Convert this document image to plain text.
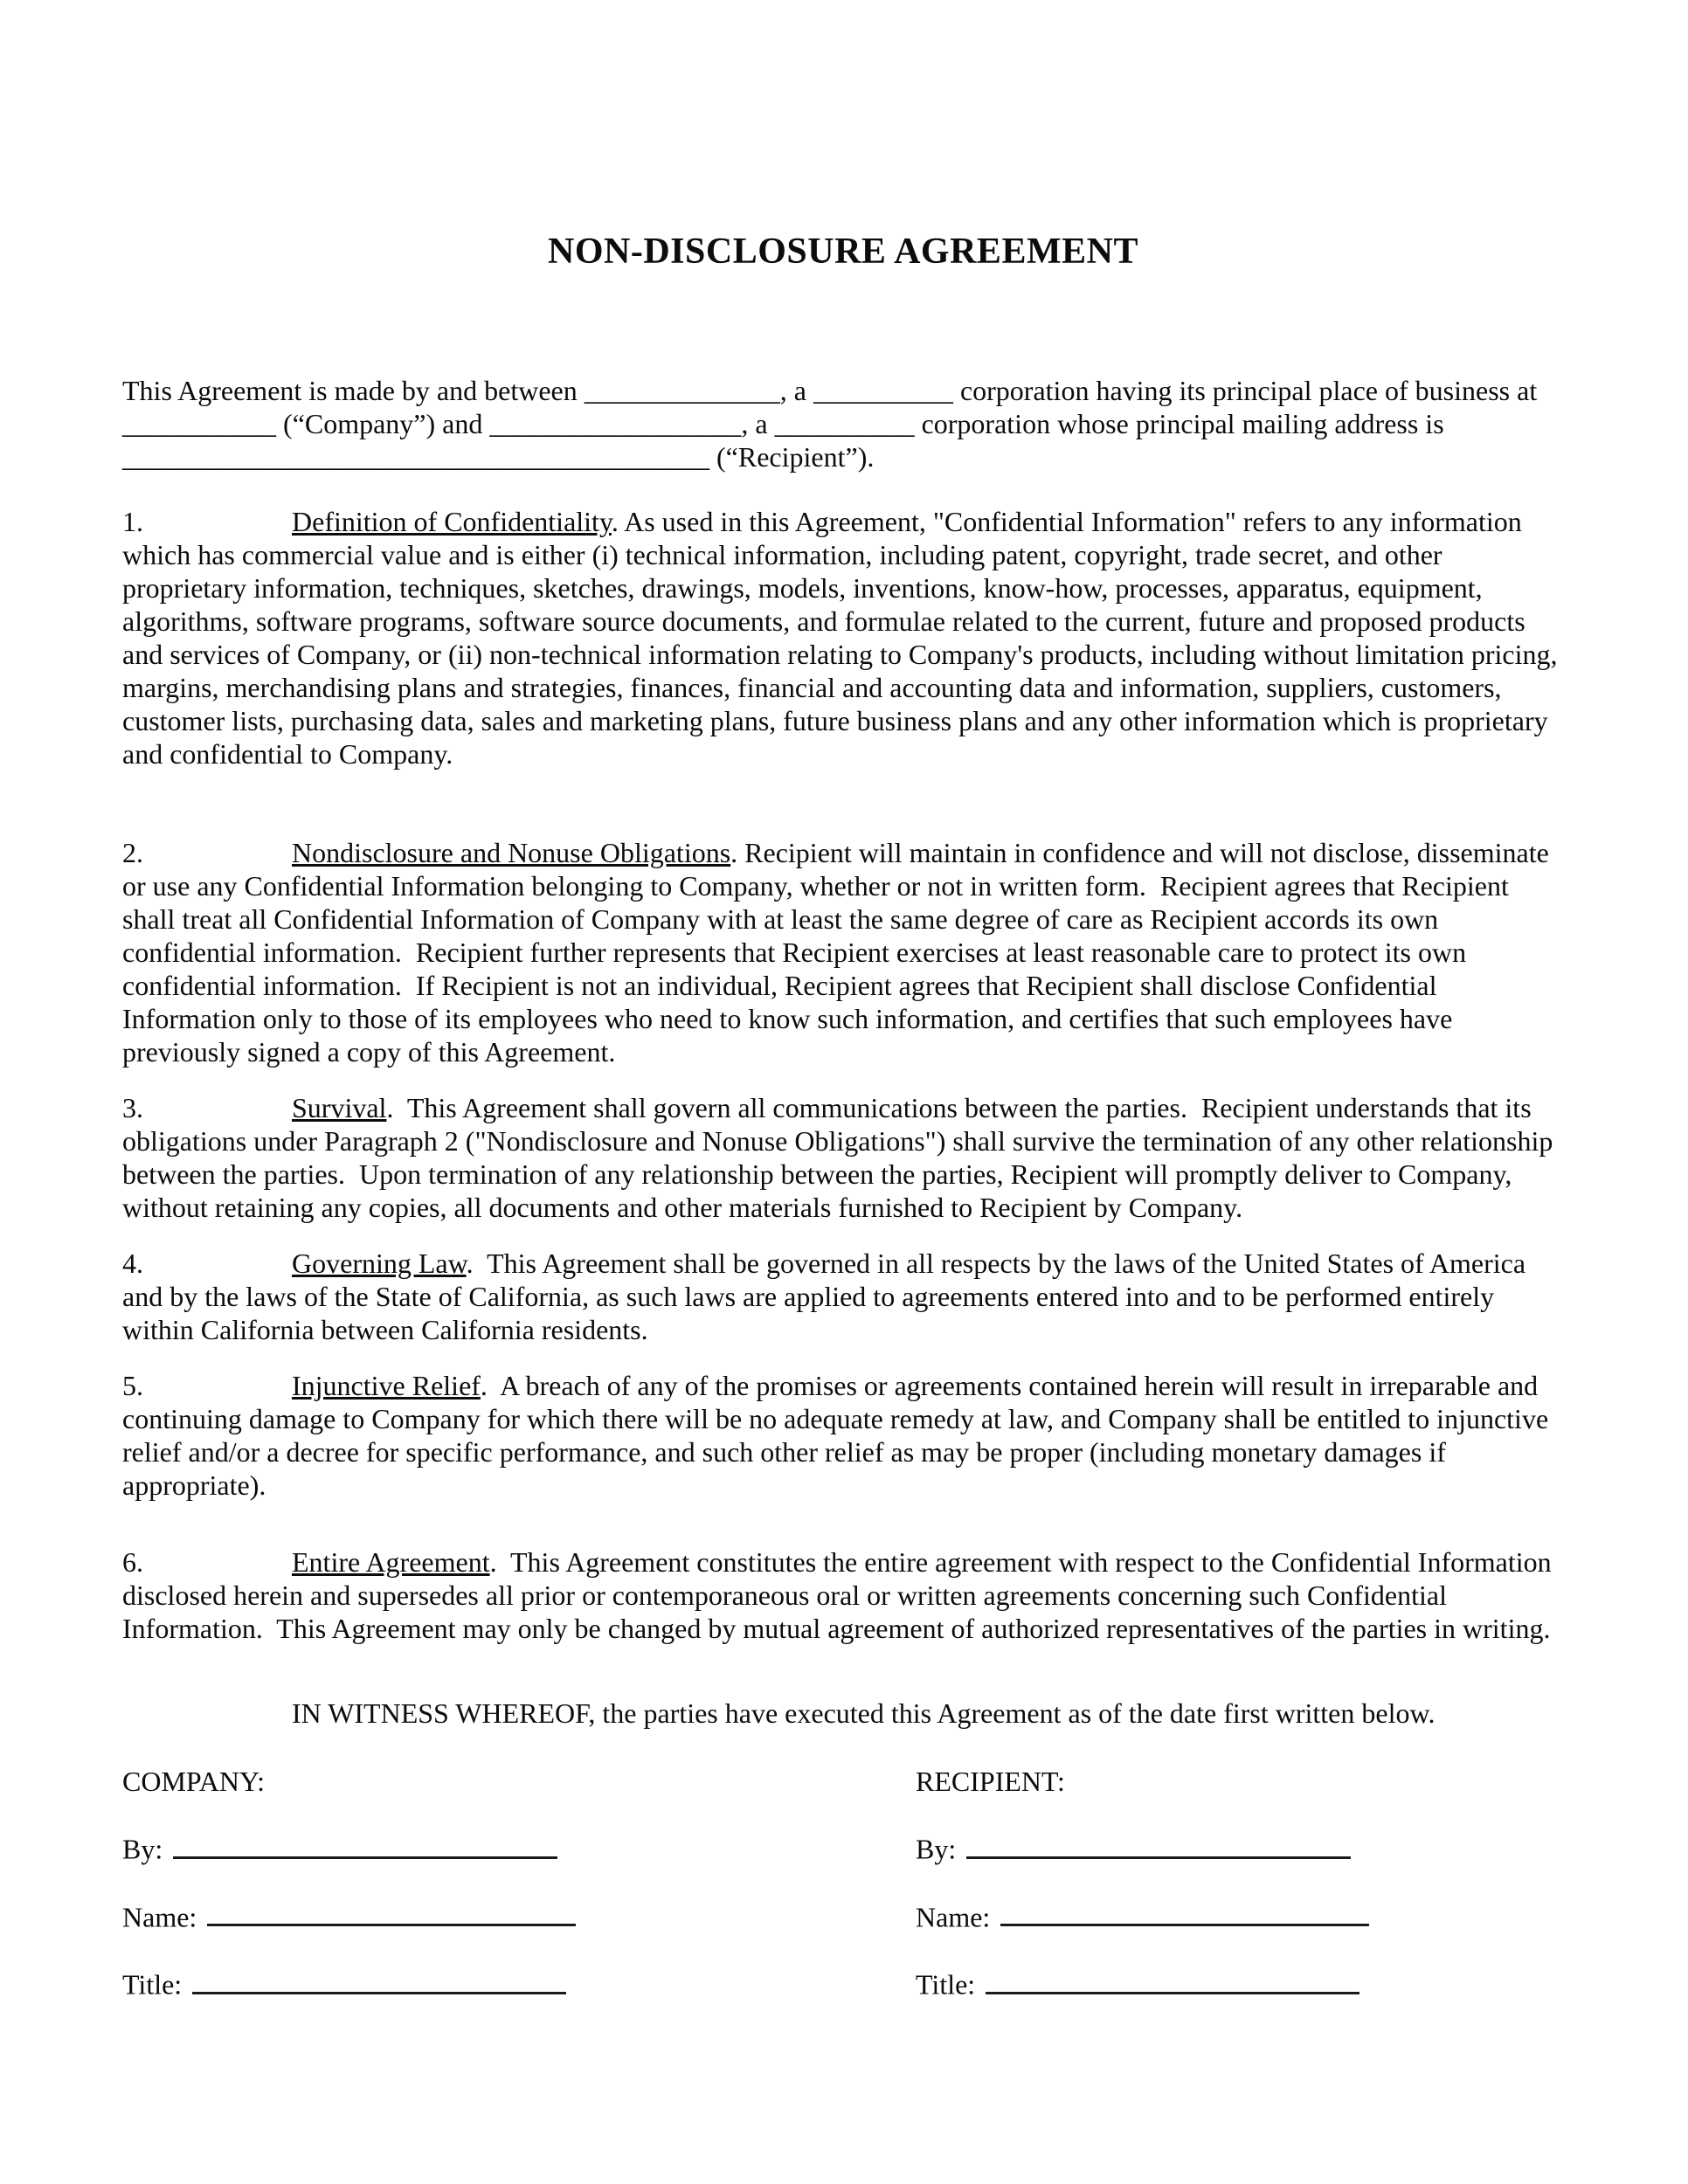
NON-DISCLOSURE AGREEMENT
This Agreement is made by and between ______________, a __________ corporation having its principal place of business at
___________ (“Company”) and __________________, a __________ corporation whose principal mailing address is
__________________________________________ (“Recipient”).

1.	Definition of Confidentiality. As used in this Agreement, "Confidential Information" refers to any information which has commercial value and is either (i) technical information, including patent, copyright, trade secret, and other proprietary information, techniques, sketches, drawings, models, inventions, know-how, processes, apparatus, equipment, algorithms, software programs, software source documents, and formulae related to the current, future and proposed products and services of Company, or (ii) non-technical information relating to Company's products, including without limitation pricing, margins, merchandising plans and strategies, finances, financial and accounting data and information, suppliers, customers, customer lists, purchasing data, sales and marketing plans, future business plans and any other information which is proprietary and confidential to Company.

2.	Nondisclosure and Nonuse Obligations. Recipient will maintain in confidence and will not disclose, disseminate or use any Confidential Information belonging to Company, whether or not in written form.  Recipient agrees that Recipient shall treat all Confidential Information of Company with at least the same degree of care as Recipient accords its own confidential information.  Recipient further represents that Recipient exercises at least reasonable care to protect its own confidential information.  If Recipient is not an individual, Recipient agrees that Recipient shall disclose Confidential Information only to those of its employees who need to know such information, and certifies that such employees have previously signed a copy of this Agreement.

3.	Survival.  This Agreement shall govern all communications between the parties.  Recipient understands that its obligations under Paragraph 2 ("Nondisclosure and Nonuse Obligations") shall survive the termination of any other relationship between the parties.  Upon termination of any relationship between the parties, Recipient will promptly deliver to Company, without retaining any copies, all documents and other materials furnished to Recipient by Company.

4.	Governing Law.  This Agreement shall be governed in all respects by the laws of the United States of America and by the laws of the State of California, as such laws are applied to agreements entered into and to be performed entirely within California between California residents.

5.	Injunctive Relief.  A breach of any of the promises or agreements contained herein will result in irreparable and continuing damage to Company for which there will be no adequate remedy at law, and Company shall be entitled to injunctive relief and/or a decree for specific performance, and such other relief as may be proper (including monetary damages if appropriate).

6.	Entire Agreement.  This Agreement constitutes the entire agreement with respect to the Confidential Information disclosed herein and supersedes all prior or contemporaneous oral or written agreements concerning such Confidential Information.  This Agreement may only be changed by mutual agreement of authorized representatives of the parties in writing.

IN WITNESS WHEREOF, the parties have executed this Agreement as of the date first written below.

COMPANY:
By:
Name:
Title:
RECIPIENT:
By:
Name:
Title:
